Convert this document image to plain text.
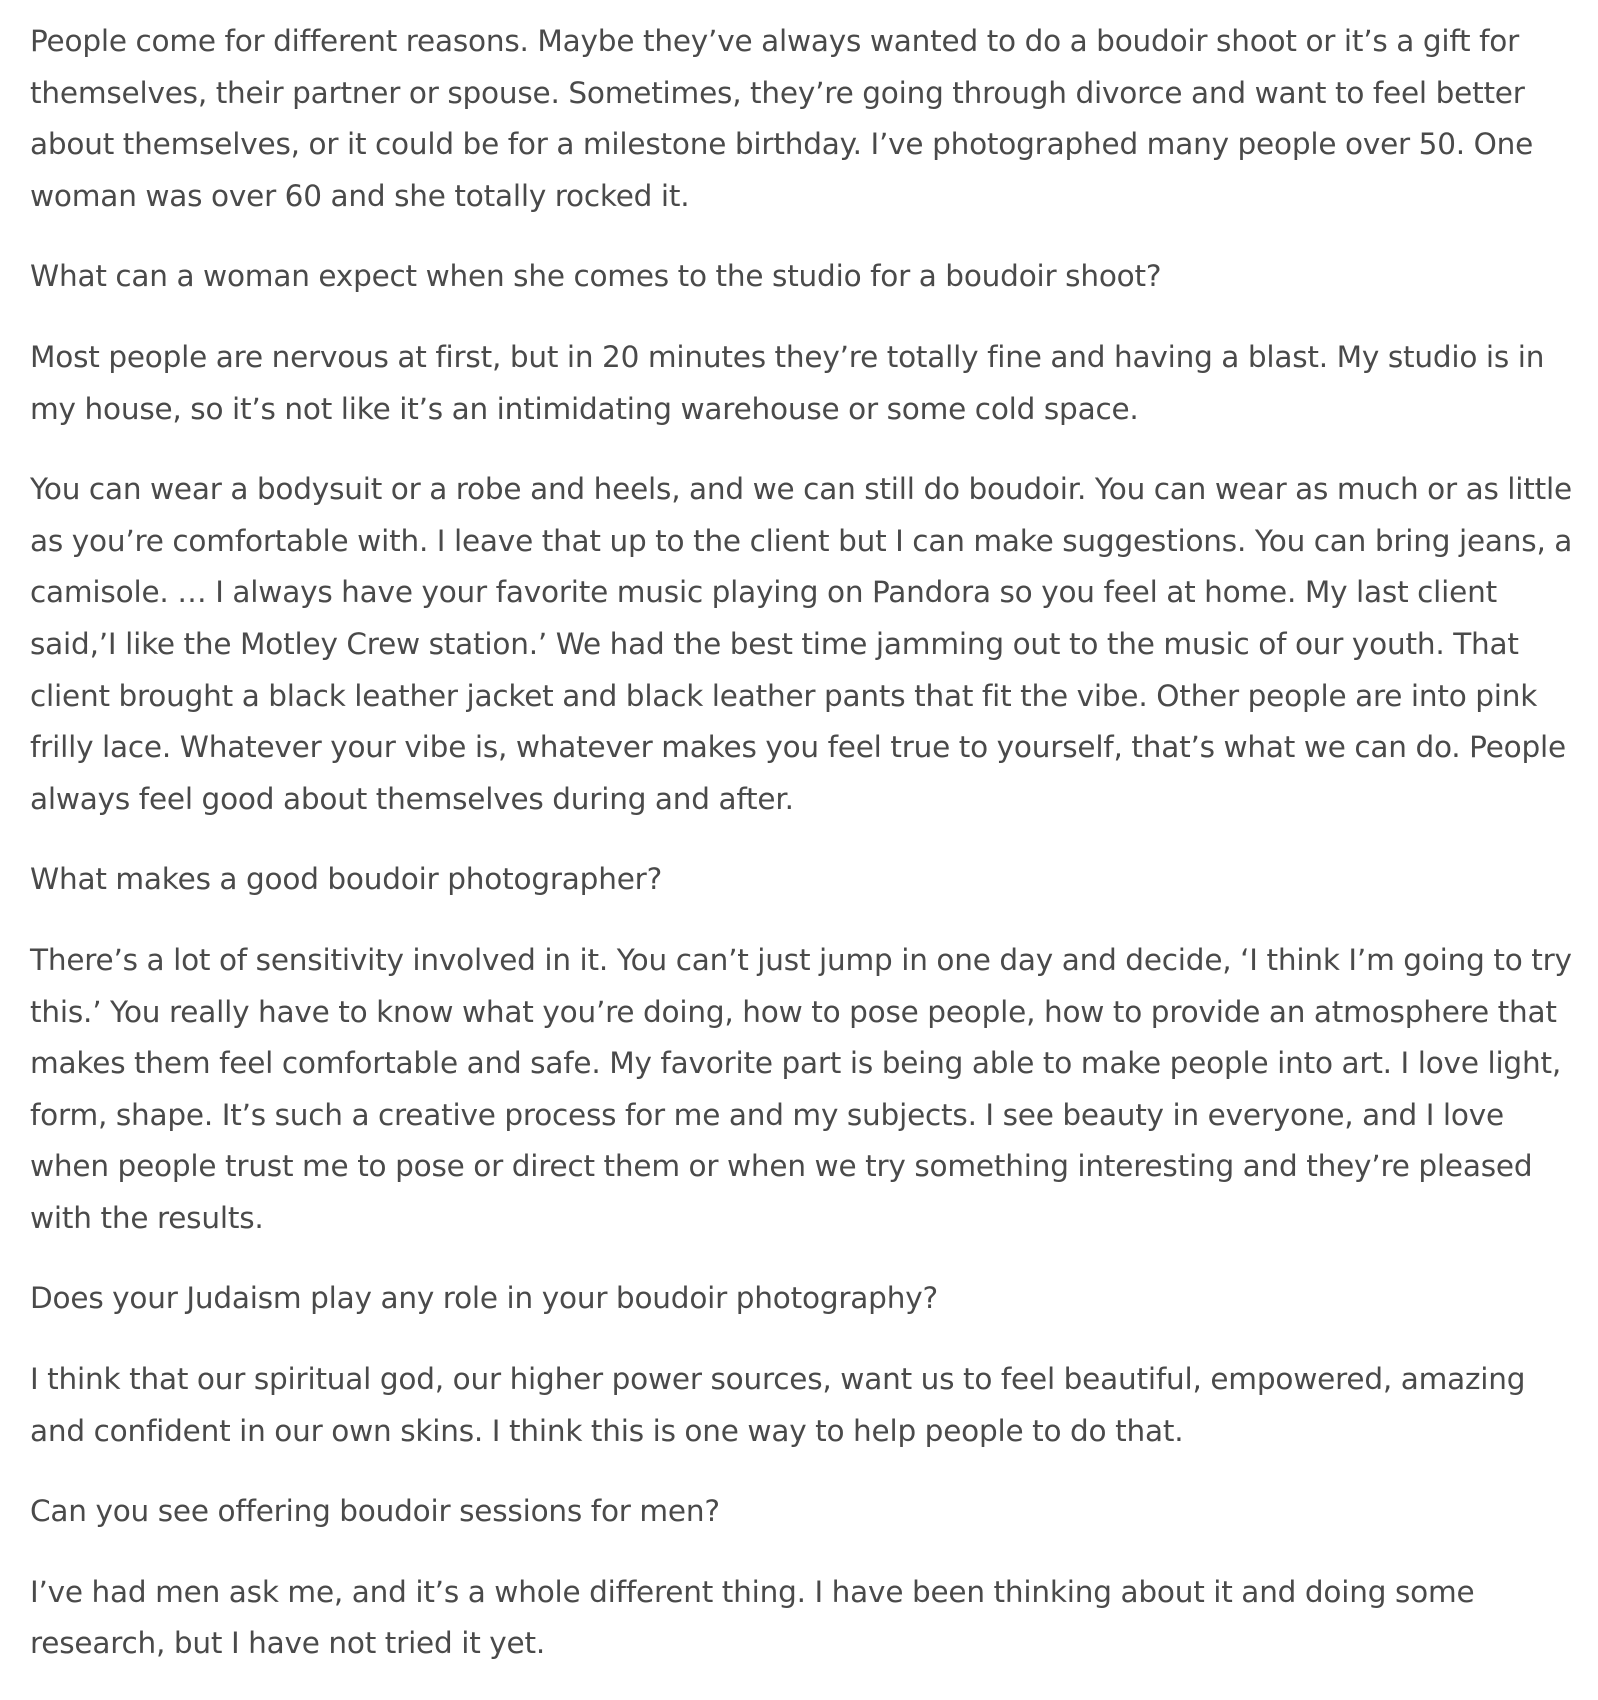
People come for different reasons. Maybe they’ve always wanted to do a boudoir shoot or it’s a gift for themselves, their partner or spouse. Sometimes, they’re going through divorce and want to feel better about themselves, or it could be for a milestone birthday. I’ve photographed many people over 50. One woman was over 60 and she totally rocked it.

What can a woman expect when she comes to the studio for a boudoir shoot?

Most people are nervous at first, but in 20 minutes they’re totally fine and having a blast. My studio is in my house, so it’s not like it’s an intimidating warehouse or some cold space.

You can wear a bodysuit or a robe and heels, and we can still do boudoir. You can wear as much or as little as you’re comfortable with. I leave that up to the client but I can make suggestions. You can bring jeans, a camisole. … I always have your favorite music playing on Pandora so you feel at home. My last client said,’I like the Motley Crew station.’ We had the best time jamming out to the music of our youth. That client brought a black leather jacket and black leather pants that fit the vibe. Other people are into pink frilly lace. Whatever your vibe is, whatever makes you feel true to yourself, that’s what we can do. People always feel good about themselves during and after.

What makes a good boudoir photographer?

There’s a lot of sensitivity involved in it. You can’t just jump in one day and decide, ‘I think I’m going to try this.’ You really have to know what you’re doing, how to pose people, how to provide an atmosphere that makes them feel comfortable and safe. My favorite part is being able to make people into art. I love light, form, shape. It’s such a creative process for me and my subjects. I see beauty in everyone, and I love when people trust me to pose or direct them or when we try something interesting and they’re pleased with the results.

Does your Judaism play any role in your boudoir photography?

I think that our spiritual god, our higher power sources, want us to feel beautiful, empowered, amazing and confident in our own skins. I think this is one way to help people to do that.

Can you see offering boudoir sessions for men?

I’ve had men ask me, and it’s a whole different thing. I have been thinking about it and doing some research, but I have not tried it yet.
